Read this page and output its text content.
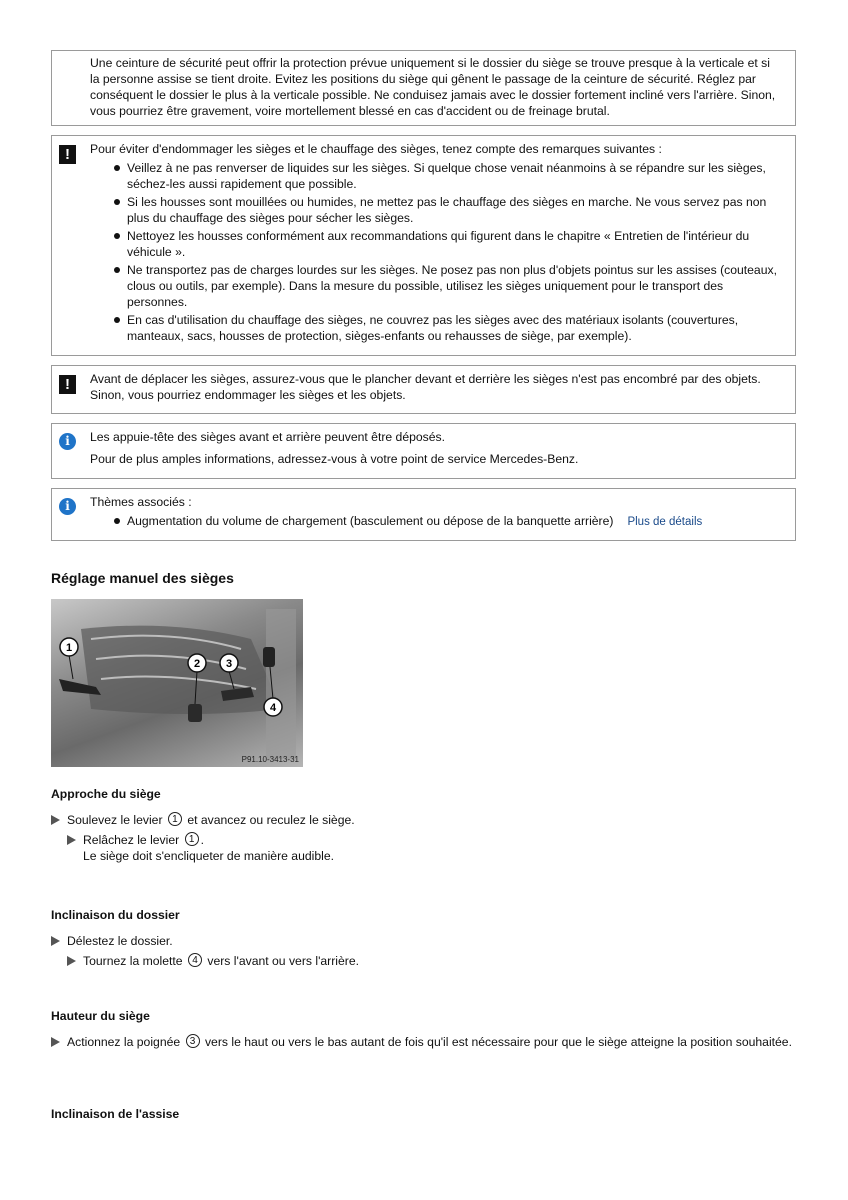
Une ceinture de sécurité peut offrir la protection prévue uniquement si le dossier du siège se trouve presque à la verticale et si la personne assise se tient droite. Evitez les positions du siège qui gênent le passage de la ceinture de sécurité. Réglez par conséquent le dossier le plus à la verticale possible. Ne conduisez jamais avec le dossier fortement incliné vers l'arrière. Sinon, vous pourriez être gravement, voire mortellement blessé en cas d'accident ou de freinage brutal.

!	Pour éviter d'endommager les sièges et le chauffage des sièges, tenez compte des remarques suivantes :

Veillez à ne pas renverser de liquides sur les sièges. Si quelque chose venait néanmoins à se répandre sur les sièges, séchez-les aussi rapidement que possible.
Si les housses sont mouillées ou humides, ne mettez pas le chauffage des sièges en marche. Ne vous servez pas non plus du chauffage des sièges pour sécher les sièges.
Nettoyez les housses conformément aux recommandations qui figurent dans le chapitre « Entretien de l'intérieur du véhicule ».
Ne transportez pas de charges lourdes sur les sièges. Ne posez pas non plus d'objets pointus sur les assises (couteaux, clous ou outils, par exemple). Dans la mesure du possible, utilisez les sièges uniquement pour le transport des personnes.
En cas d'utilisation du chauffage des sièges, ne couvrez pas les sièges avec des matériaux isolants (couvertures, manteaux, sacs, housses de protection, sièges-enfants ou rehausses de siège, par exemple).
!	Avant de déplacer les sièges, assurez-vous que le plancher devant et derrière les sièges n'est pas encombré par des objets. Sinon, vous pourriez endommager les sièges et les objets.

i	Les appuie-tête des sièges avant et arrière peuvent être déposés.

Pour de plus amples informations, adressez-vous à votre point de service Mercedes-Benz.

i	Thèmes associés :

Augmentation du volume de chargement (basculement ou dépose de la banquette arrière) Plus de détails
Réglage manuel des sièges
1
2 3
4
P91.10-3413-31
Approche du siège
Soulevez le levier 1 et avancez ou reculez le siège.
Relâchez le levier 1 .
Le siège doit s'encliqueter de manière audible.
Inclinaison du dossier
Délestez le dossier.
Tournez la molette 4 vers l'avant ou vers l'arrière.
Hauteur du siège
Actionnez la poignée 3 vers le haut ou vers le bas autant de fois qu'il est nécessaire pour que le siège atteigne la position souhaitée.
Inclinaison de l'assise
